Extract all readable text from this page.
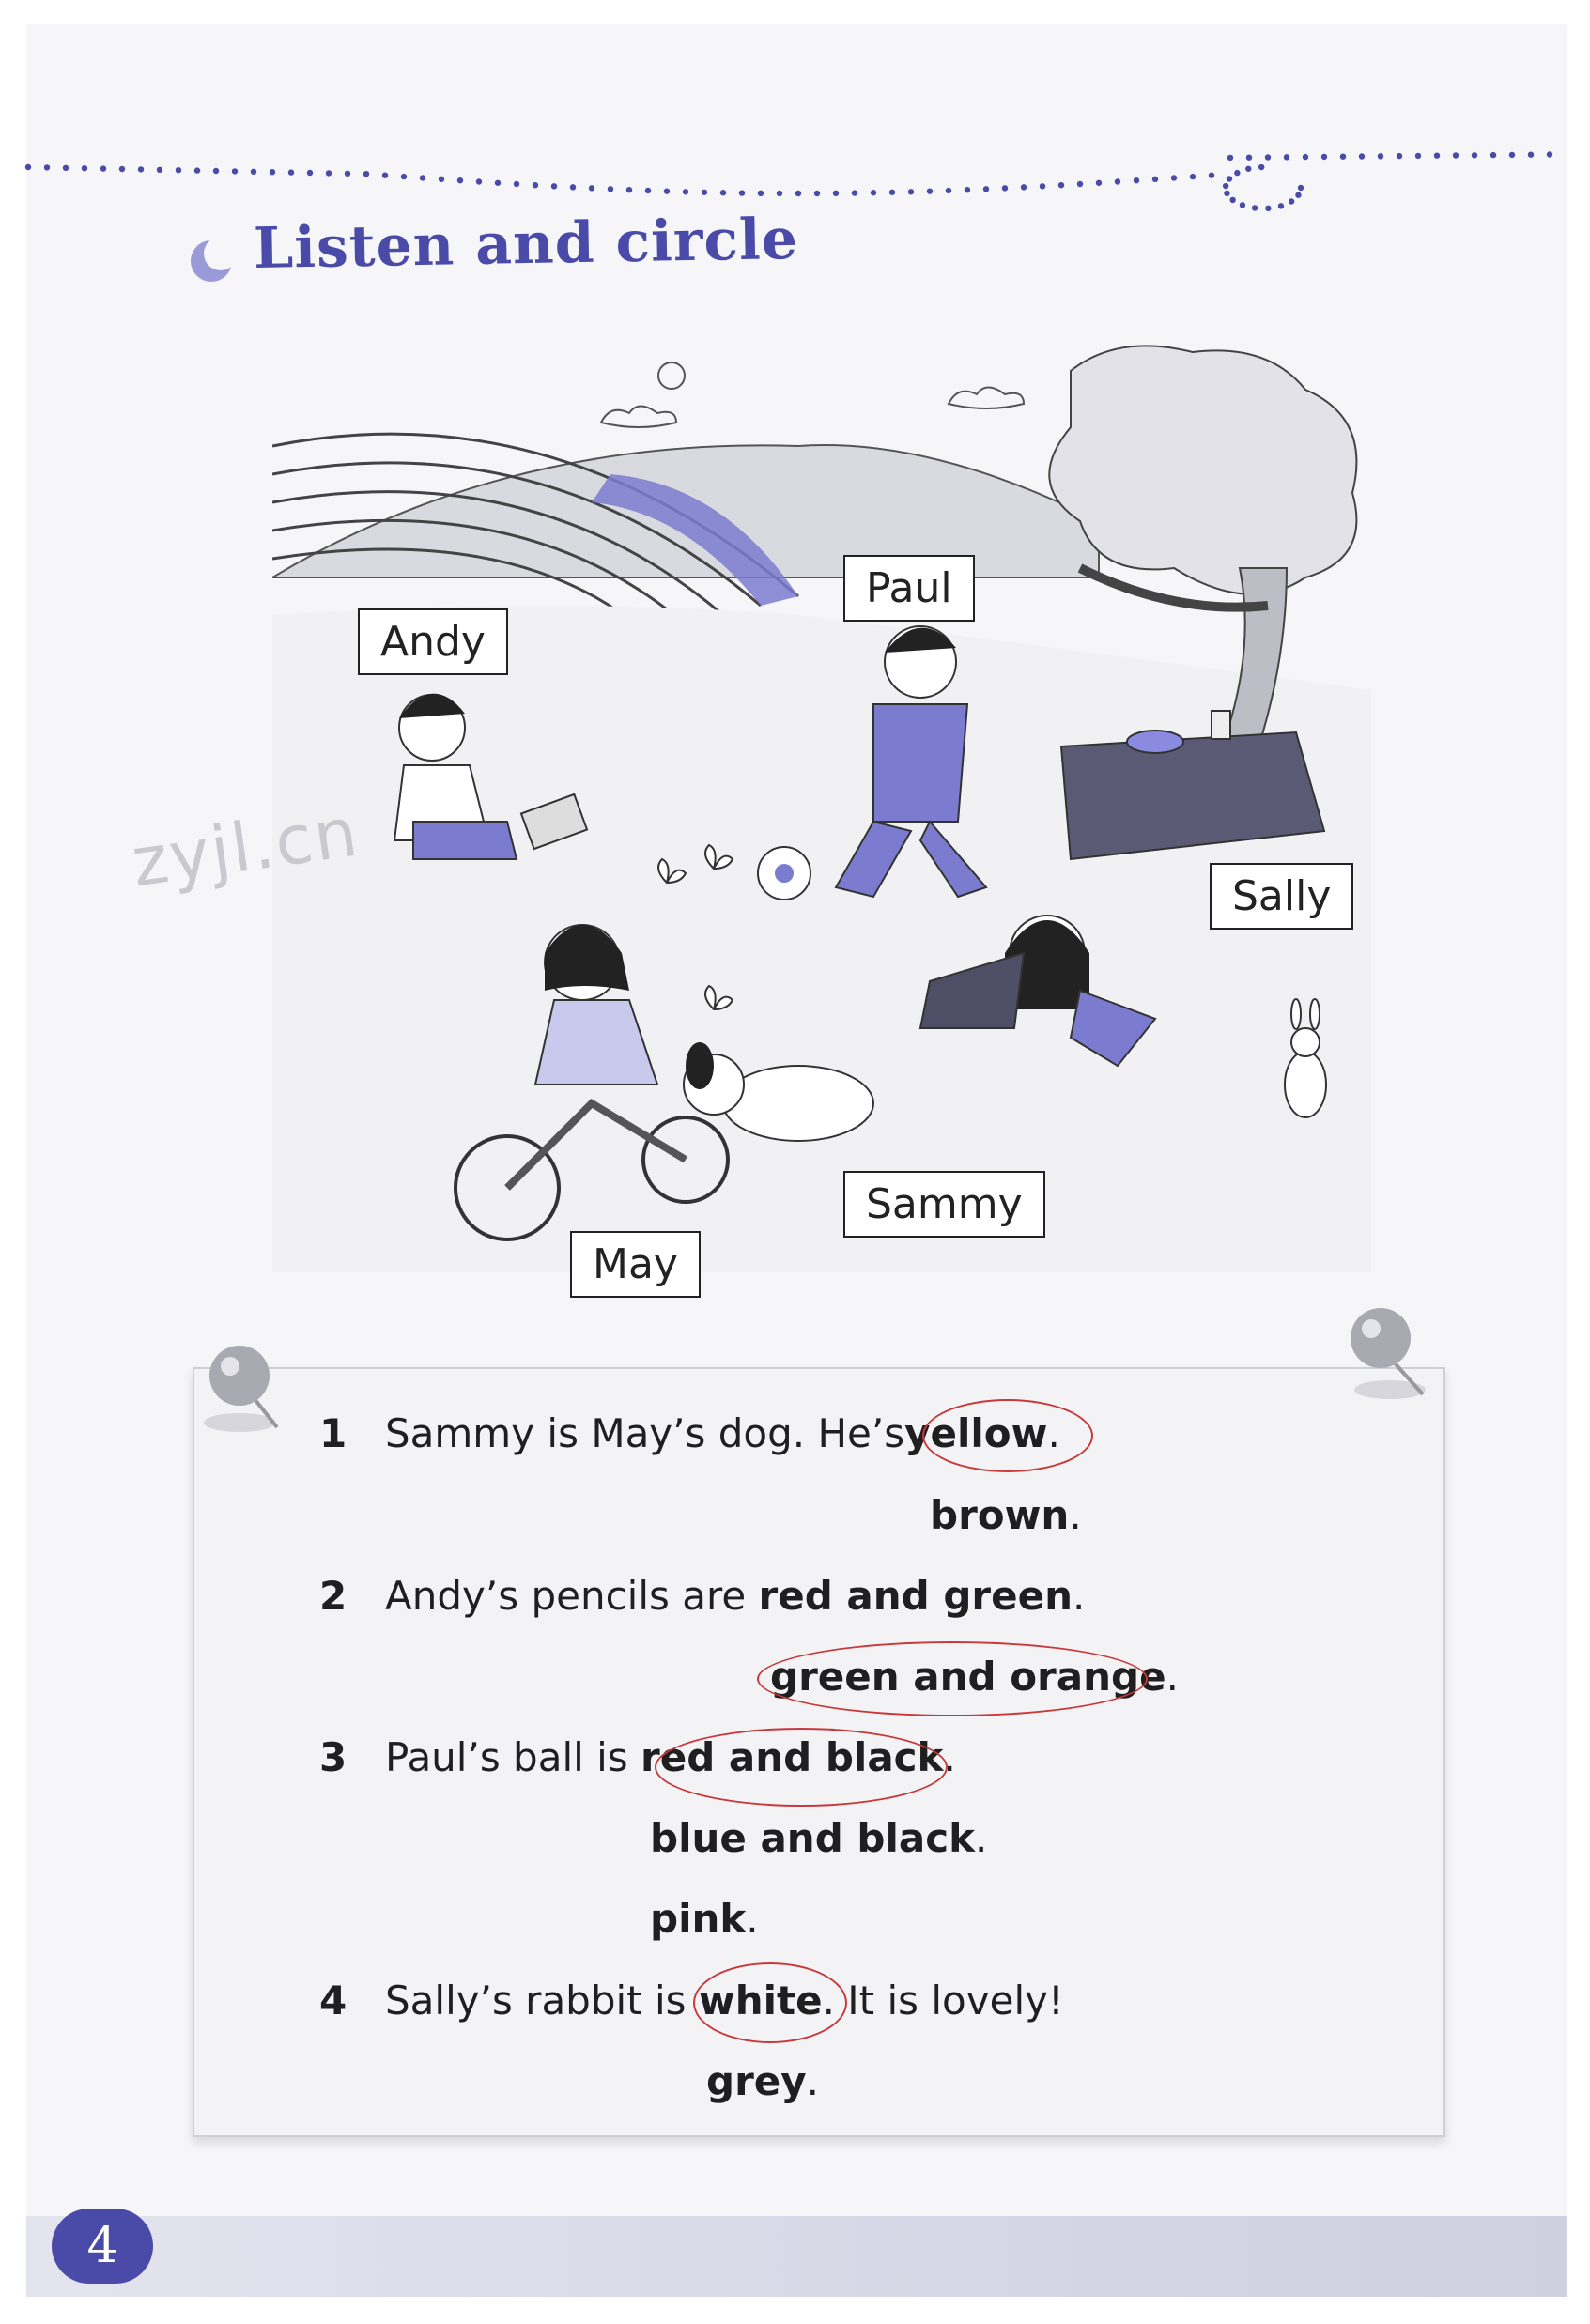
Listen and circle
zyjl.cn
Andy
Paul
Sally
Sammy
May
1 Sammy is May’s dog. He’syellow.
brown.
2 Andy’s pencils are red and green.
green and orange.
3 Paul’s ball is red and black.
blue and black.
pink.
4 Sally’s rabbit is white. It is lovely!
grey.
4
